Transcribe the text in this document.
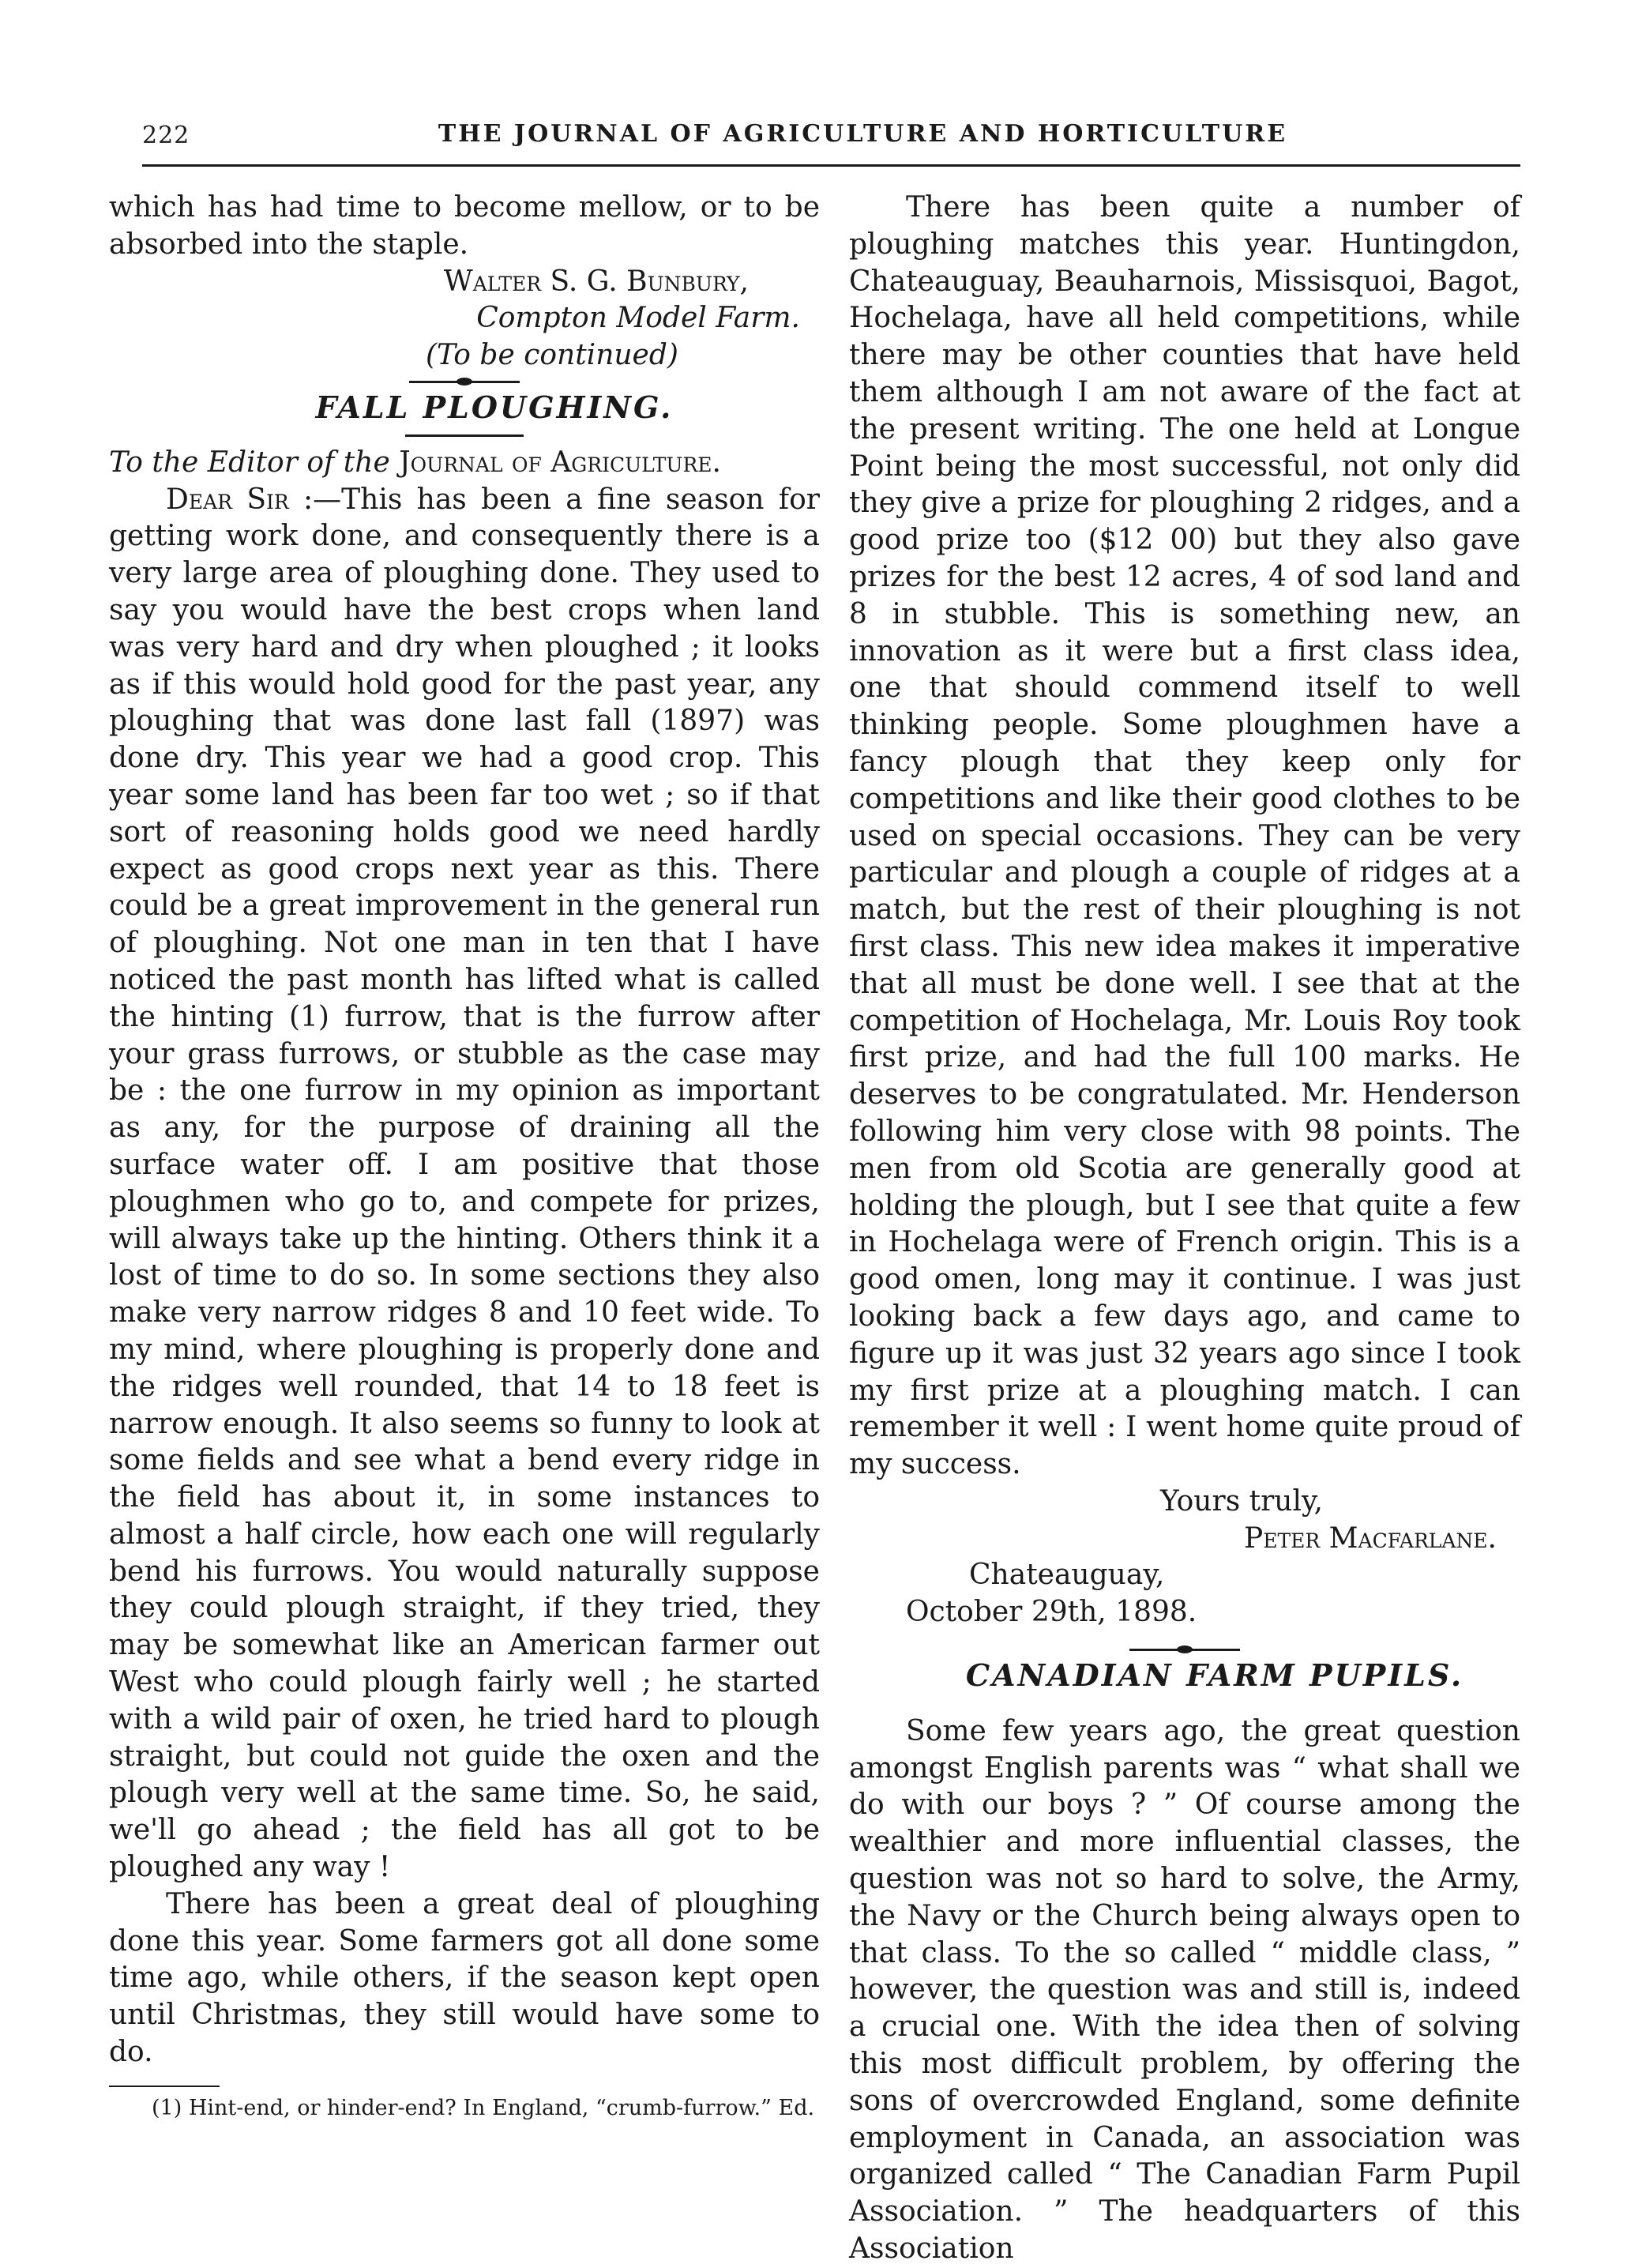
222	THE JOURNAL OF AGRICULTURE AND HORTICULTURE

which has had time to become mellow, or to be absorbed into the staple.

Walter S. G. Bunbury,

Compton Model Farm.

(To be continued)

FALL PLOUGHING.

To the Editor of the Journal of Agriculture.

Dear Sir :—This has been a fine season for getting work done, and consequently there is a very large area of ploughing done. They used to say you would have the best crops when land was very hard and dry when ploughed ; it looks as if this would hold good for the past year, any ploughing that was done last fall (1897) was done dry. This year we had a good crop. This year some land has been far too wet ; so if that sort of reasoning holds good we need hardly expect as good crops next year as this. There could be a great improvement in the general run of ploughing. Not one man in ten that I have noticed the past month has lifted what is called the hinting (1) furrow, that is the furrow after your grass furrows, or stubble as the case may be : the one furrow in my opinion as important as any, for the purpose of draining all the surface water off. I am positive that those ploughmen who go to, and compete for prizes, will always take up the hinting. Others think it a lost of time to do so. In some sections they also make very narrow ridges 8 and 10 feet wide. To my mind, where ploughing is properly done and the ridges well rounded, that 14 to 18 feet is narrow enough. It also seems so funny to look at some fields and see what a bend every ridge in the field has about it, in some instances to almost a half circle, how each one will regularly bend his furrows. You would naturally suppose they could plough straight, if they tried, they may be somewhat like an American farmer out West who could plough fairly well ; he started with a wild pair of oxen, he tried hard to plough straight, but could not guide the oxen and the plough very well at the same time. So, he said, we'll go ahead ; the field has all got to be ploughed any way !

There has been a great deal of ploughing done this year. Some farmers got all done some time ago, while others, if the season kept open until Christmas, they still would have some to do.

(1) Hint-end, or hinder-end? In England, “crumb-furrow.” Ed.

There has been quite a number of ploughing matches this year. Huntingdon, Chateauguay, Beauharnois, Missisquoi, Bagot, Hochelaga, have all held competitions, while there may be other counties that have held them although I am not aware of the fact at the present writing. The one held at Longue Point being the most successful, not only did they give a prize for ploughing 2 ridges, and a good prize too ($12 00) but they also gave prizes for the best 12 acres, 4 of sod land and 8 in stubble. This is something new, an innovation as it were but a first class idea, one that should commend itself to well thinking people. Some ploughmen have a fancy plough that they keep only for competitions and like their good clothes to be used on special occasions. They can be very particular and plough a couple of ridges at a match, but the rest of their ploughing is not first class. This new idea makes it imperative that all must be done well. I see that at the competition of Hochelaga, Mr. Louis Roy took first prize, and had the full 100 marks. He deserves to be congratulated. Mr. Henderson following him very close with 98 points. The men from old Scotia are generally good at holding the plough, but I see that quite a few in Hochelaga were of French origin. This is a good omen, long may it continue. I was just looking back a few days ago, and came to figure up it was just 32 years ago since I took my first prize at a ploughing match. I can remember it well : I went home quite proud of my success.

Yours truly,

Peter Macfarlane.

Chateauguay,

October 29th, 1898.

CANADIAN FARM PUPILS.

Some few years ago, the great question amongst English parents was “ what shall we do with our boys ? ” Of course among the wealthier and more influential classes, the question was not so hard to solve, the Army, the Navy or the Church being always open to that class. To the so called “ middle class, ” however, the question was and still is, indeed a crucial one. With the idea then of solving this most difficult problem, by offering the sons of overcrowded England, some definite employment in Canada, an association was organized called “ The Canadian Farm Pupil Association. ” The headquarters of this Association
